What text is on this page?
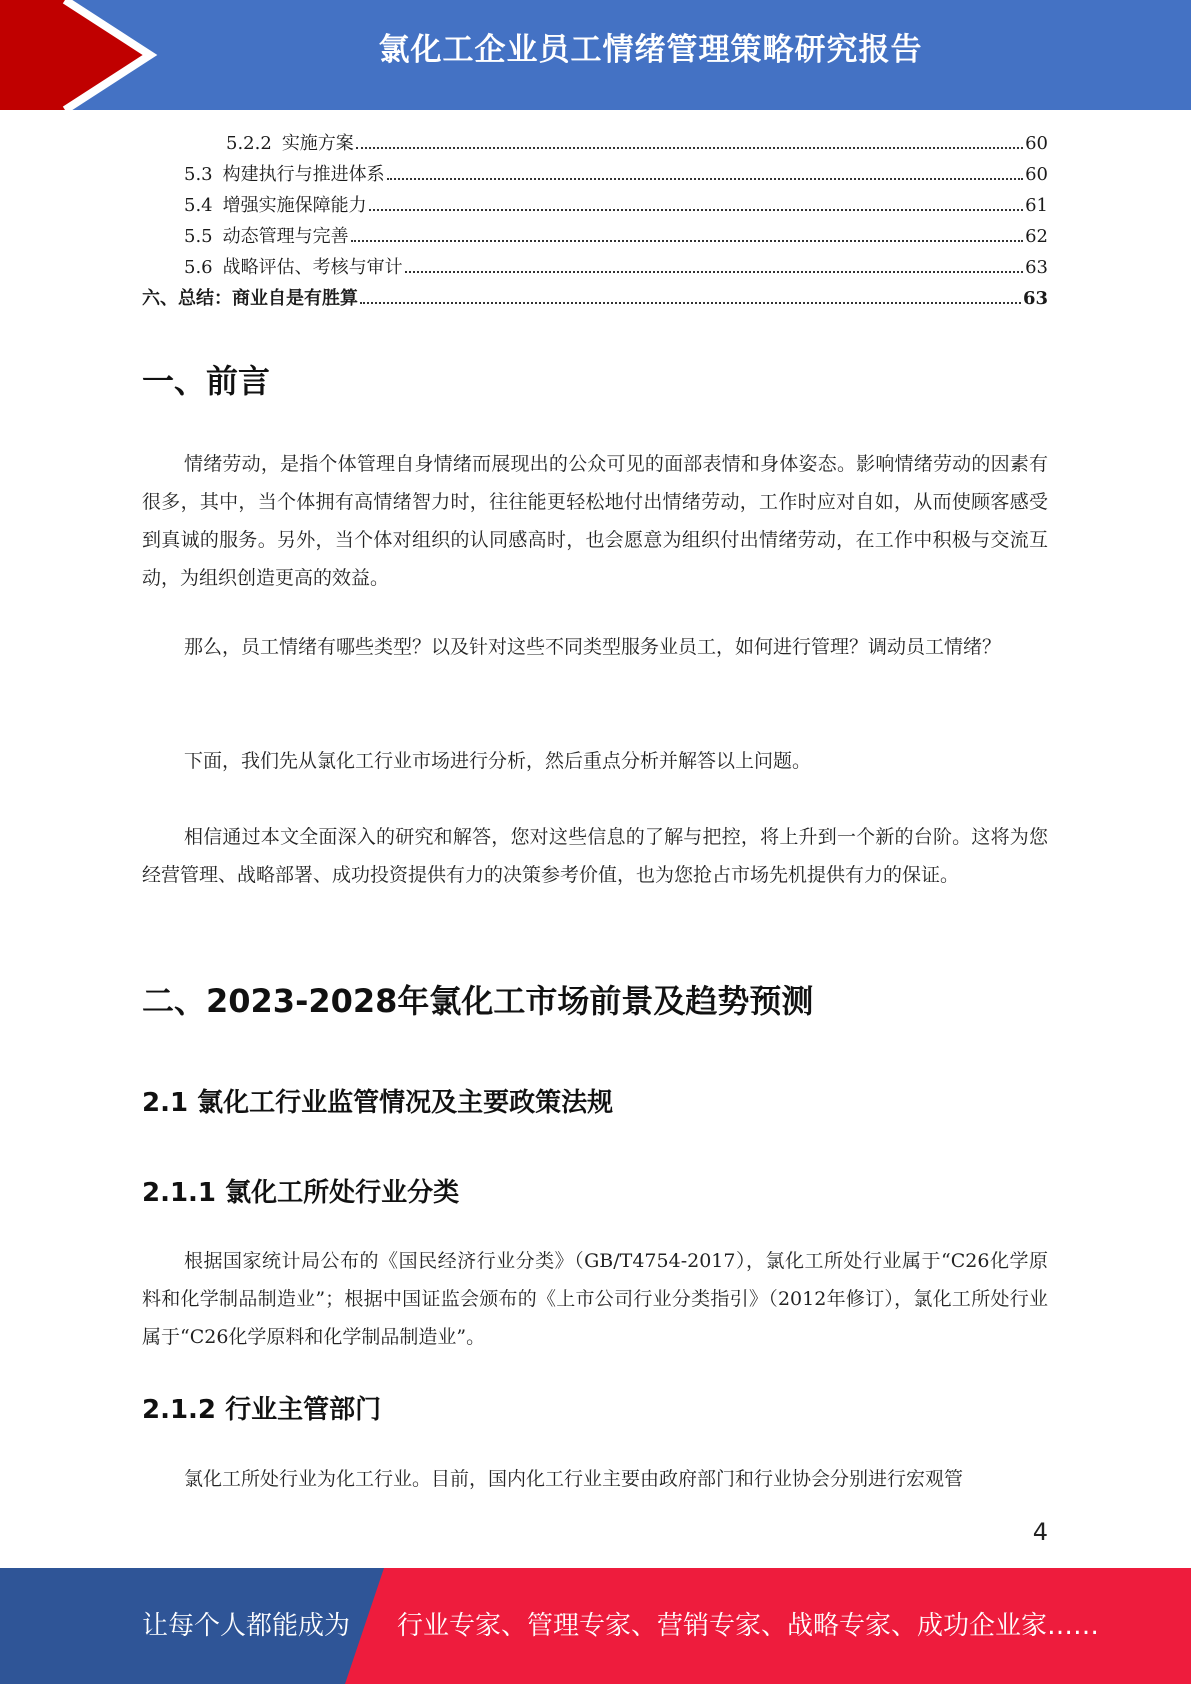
氯化工企业员工情绪管理策略研究报告
5.2.2 实施方案	60
5.3 构建执行与推进体系	60
5.4 增强实施保障能力	61
5.5 动态管理与完善	62
5.6 战略评估、考核与审计	63
六、总结：商业自是有胜算	63
一、前言

情绪劳动，是指个体管理自身情绪而展现出的公众可见的面部表情和身体姿态。影响情绪劳动的因素有很多，其中，当个体拥有高情绪智力时，往往能更轻松地付出情绪劳动，工作时应对自如，从而使顾客感受到真诚的服务。另外，当个体对组织的认同感高时，也会愿意为组织付出情绪劳动，在工作中积极与交流互动，为组织创造更高的效益。

那么，员工情绪有哪些类型？以及针对这些不同类型服务业员工，如何进行管理？调动员工情绪？

下面，我们先从氯化工行业市场进行分析，然后重点分析并解答以上问题。

相信通过本文全面深入的研究和解答，您对这些信息的了解与把控，将上升到一个新的台阶。这将为您经营管理、战略部署、成功投资提供有力的决策参考价值，也为您抢占市场先机提供有力的保证。

二、2023-2028年氯化工市场前景及趋势预测
2.1 氯化工行业监管情况及主要政策法规
2.1.1 氯化工所处行业分类

根据国家统计局公布的《国民经济行业分类》（GB/T4754-2017），氯化工所处行业属于“C26化学原料和化学制品制造业”；根据中国证监会颁布的《上市公司行业分类指引》（2012年修订），氯化工所处行业属于“C26化学原料和化学制品制造业”。

2.1.2 行业主管部门

氯化工所处行业为化工行业。目前，国内化工行业主要由政府部门和行业协会分别进行宏观管

4
让每个人都能成为 行业专家、管理专家、营销专家、战略专家、成功企业家……
